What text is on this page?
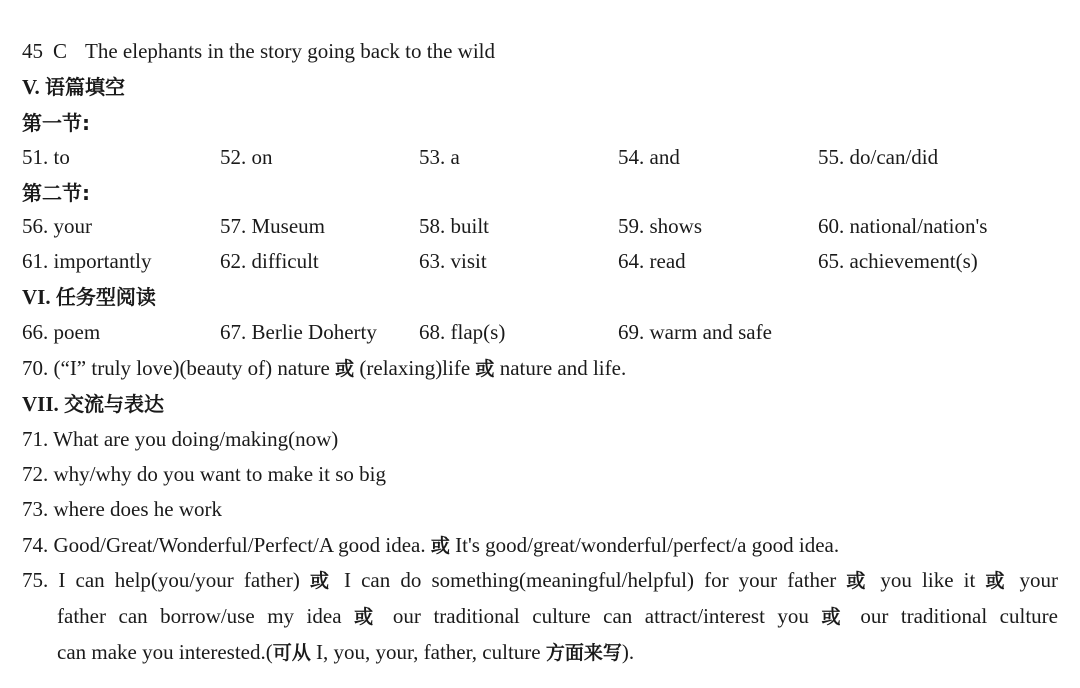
45 C The elephants in the story going back to the wild
V. 语篇填空
第一节:
51. to	52. on	53. a	54. and	55. do/can/did
第二节:
56. your	57. Museum	58. built	59. shows	60. national/nation's
61. importantly	62. difficult	63. visit	64. read	65. achievement(s)
VI. 任务型阅读
66. poem	67. Berlie Doherty 68. flap(s)	69. warm and safe
70. (“I” truly love)(beauty of) nature 或 (relaxing)life 或 nature and life.
VII. 交流与表达
71. What are you doing/making(now)
72. why/why do you want to make it so big
73. where does he work
74. Good/Great/Wonderful/Perfect/A good idea. 或 It's good/great/wonderful/perfect/a good idea.
75. I can help(you/your father) 或 I can do something(meaningful/helpful) for your father 或 you like it 或 your
father can borrow/use my idea 或 our traditional culture can attract/interest you 或 our traditional culture
can make you interested.(可从 I, you, your, father, culture 方面来写).
